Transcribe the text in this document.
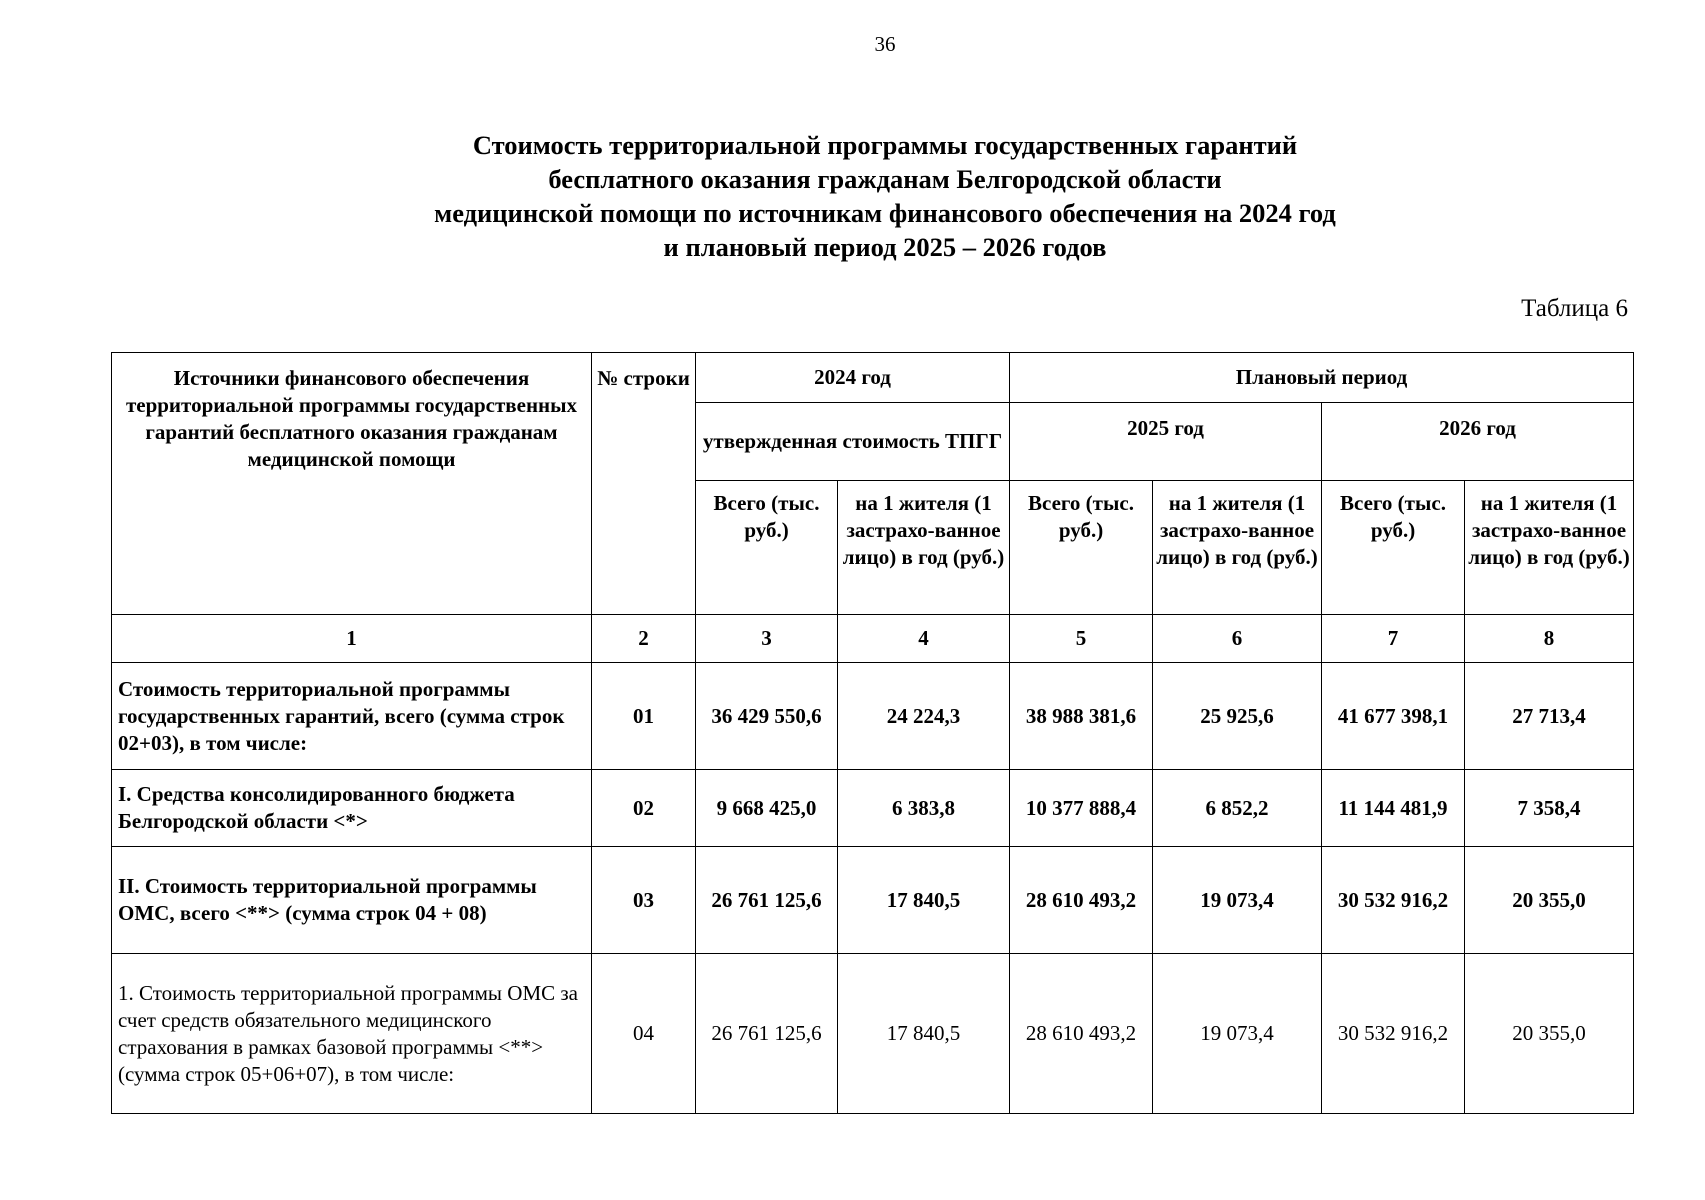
36
Стоимость территориальной программы государственных гарантий
бесплатного оказания гражданам Белгородской области
медицинской помощи по источникам финансового обеспечения на 2024 год
и плановый период 2025 – 2026 годов
Таблица 6
Источники финансового обеспечения территориальной программы государственных гарантий бесплатного оказания гражданам медицинской помощи	№ строки	2024 год		Плановый период			
		утвержденная стоимость ТПГГ		2025 год		2026 год	
		Всего (тыс. руб.)	на 1 жителя (1 застрахо-ванное лицо) в год (руб.)	Всего (тыс. руб.)	на 1 жителя (1 застрахо-ванное лицо) в год (руб.)	Всего (тыс. руб.)	на 1 жителя (1 застрахо-ванное лицо) в год (руб.)
1	2	3	4	5	6	7	8
Стоимость территориальной программы государственных гарантий, всего (сумма строк 02+03), в том числе:	01	36 429 550,6	24 224,3	38 988 381,6	25 925,6	41 677 398,1	27 713,4
I. Средства консолидированного бюджета Белгородской области <*>	02	9 668 425,0	6 383,8	10 377 888,4	6 852,2	11 144 481,9	7 358,4
II. Стоимость территориальной программы ОМС, всего <**> (сумма строк 04 + 08)	03	26 761 125,6	17 840,5	28 610 493,2	19 073,4	30 532 916,2	20 355,0
1. Стоимость территориальной программы ОМС за счет средств обязательного медицинского страхования в рамках базовой программы <**> (сумма строк 05+06+07), в том числе:	04	26 761 125,6	17 840,5	28 610 493,2	19 073,4	30 532 916,2	20 355,0
